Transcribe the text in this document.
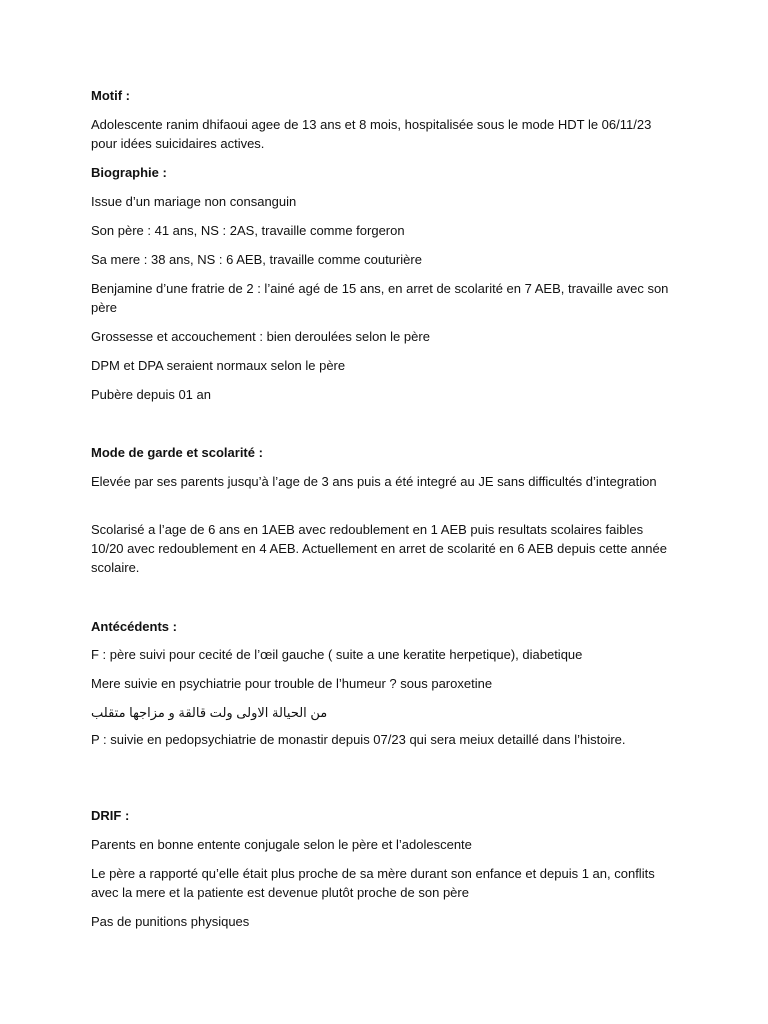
Motif :

Adolescente ranim dhifaoui agee de 13 ans et 8 mois, hospitalisée sous le mode HDT le 06/11/23 pour idées suicidaires actives.

Biographie :

Issue d’un mariage non consanguin

Son père : 41 ans, NS : 2AS, travaille comme forgeron

Sa mere : 38 ans, NS : 6 AEB, travaille comme couturière

Benjamine d’une fratrie de 2 : l’ainé agé de 15 ans, en arret de scolarité en 7 AEB, travaille avec son père

Grossesse et accouchement : bien deroulées selon le père

DPM et DPA seraient normaux selon le père

Pubère depuis 01 an

Mode de garde et scolarité :

Elevée par ses parents jusqu’à l’age de 3 ans puis a été integré au JE sans difficultés d’integration

Scolarisé a l’age de 6 ans en 1AEB avec redoublement en 1 AEB puis resultats scolaires faibles 10/20 avec redoublement en 4 AEB. Actuellement en arret de scolarité en 6 AEB depuis cette année scolaire.

Antécédents :

F : père suivi pour cecité de l’œil gauche ( suite a une keratite herpetique), diabetique

Mere suivie en psychiatrie pour trouble de l’humeur ? sous paroxetine

من الحيالة الاولى ولت قالقة و مزاجها متقلب

P : suivie en pedopsychiatrie de monastir depuis 07/23 qui sera meiux detaillé dans l’histoire.

DRIF :

Parents en bonne entente conjugale selon le père et l’adolescente

Le père a rapporté qu’elle était plus proche de sa mère durant son enfance et depuis 1 an, conflits avec la mere et la patiente est devenue plutôt proche de son père

Pas de punitions physiques
